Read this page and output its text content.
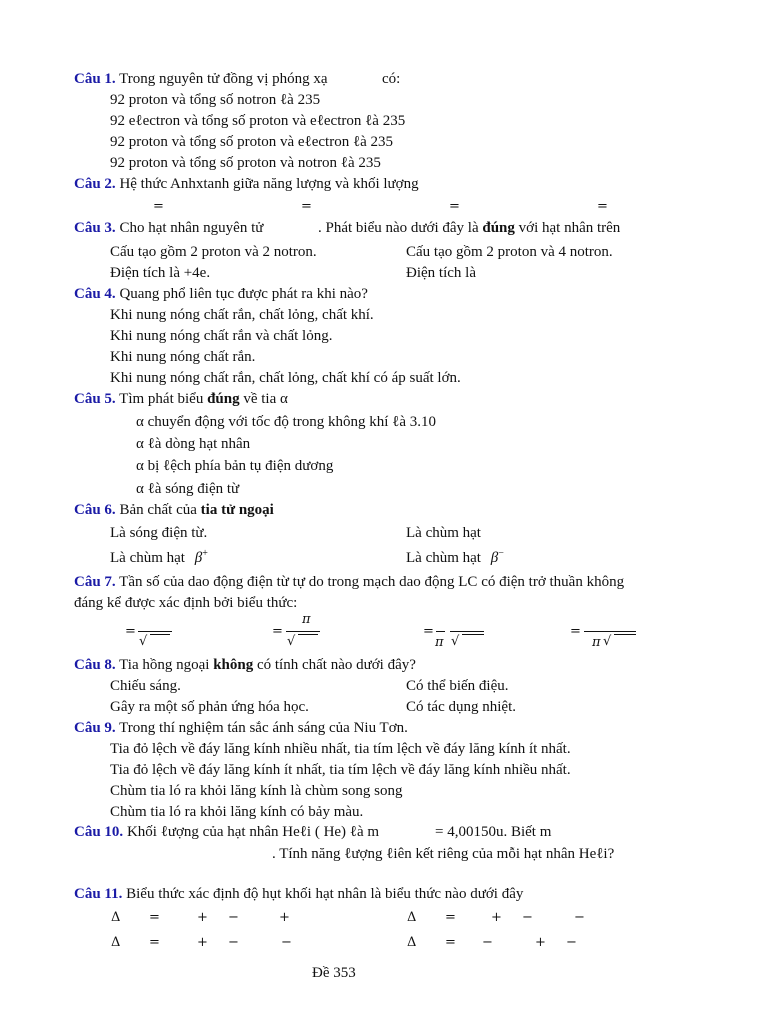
Câu 1. Trong nguyên tử đồng vị phóng xạ	có:
92 proton và tổng số notron ℓà 235
92 eℓectron và tổng số proton và eℓectron ℓà 235
92 proton và tổng số proton và eℓectron ℓà 235
92 proton và tổng số proton và notron ℓà 235
Câu 2. Hệ thức Anhxtanh giữa năng lượng và khối lượng
=	=	=	=
Câu 3. Cho hạt nhân nguyên tử	. Phát biểu nào dưới đây là đúng với hạt nhân trên
Cấu tạo gồm 2 proton và 2 notron.	Cấu tạo gồm 2 proton và 4 notron.
Điện tích là +4e.	Điện tích là
Câu 4. Quang phổ liên tục được phát ra khi nào?
Khi nung nóng chất rắn, chất lỏng, chất khí.
Khi nung nóng chất rắn và chất lỏng.
Khi nung nóng chất rắn.
Khi nung nóng chất rắn, chất lỏng, chất khí có áp suất lớn.
Câu 5. Tìm phát biểu đúng về tia α
α chuyển động với tốc độ trong không khí ℓà 3.10
α ℓà dòng hạt nhân
α bị ℓệch phía bản tụ điện dương
α ℓà sóng điện từ
Câu 6. Bản chất của tia tử ngoại
Là sóng điện từ.	Là chùm hạt
Là chùm hạt β+	Là chùm hạt β−
Câu 7. Tần số của dao động điện từ tự do trong mạch dao động LC có điện trở thuần không
đáng kể được xác định bởi biểu thức:
=
√
=
π
√
=
π √
=
π √
Câu 8. Tia hồng ngoại không có tính chất nào dưới đây?
Chiếu sáng.	Có thể biến điệu.
Gây ra một số phản ứng hóa học.	Có tác dụng nhiệt.
Câu 9. Trong thí nghiệm tán sắc ánh sáng của Niu Tơn.
Tia đỏ lệch về đáy lăng kính nhiều nhất, tia tím lệch về đáy lăng kính ít nhất.
Tia đỏ lệch về đáy lăng kính ít nhất, tia tím lệch về đáy lăng kính nhiều nhất.
Chùm tia ló ra khỏi lăng kính là chùm song song
Chùm tia ló ra khỏi lăng kính có bảy màu.
Câu 10. Khối ℓượng của hạt nhân Heℓi ( He) ℓà m	= 4,00150u. Biết m
. Tính năng ℓượng ℓiên kết riêng của mỗi hạt nhân Heℓi?
Câu 11. Biểu thức xác định độ hụt khối hạt nhân là biểu thức nào dưới đây
Δ =	+ −	+	Δ =	+ −	−
Δ =	+ −	−	Δ = −	+ −
Đề 353
